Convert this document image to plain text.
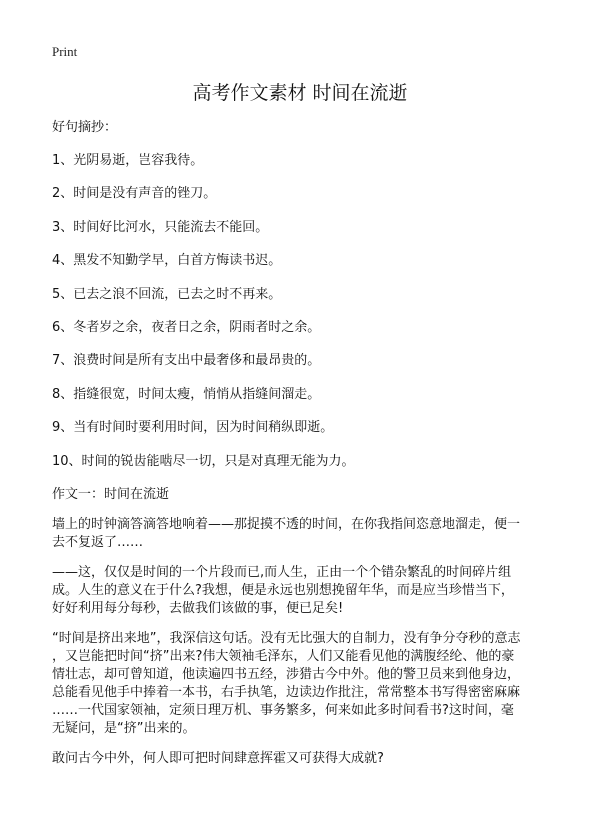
Print
高考作文素材 时间在流逝
好句摘抄：
1、光阴易逝，岂容我待。
2、时间是没有声音的锉刀。
3、时间好比河水，只能流去不能回。
4、黑发不知勤学早，白首方悔读书迟。
5、已去之浪不回流，已去之时不再来。
6、冬者岁之余，夜者日之余，阴雨者时之余。
7、浪费时间是所有支出中最奢侈和最昂贵的。
8、指缝很宽，时间太瘦，悄悄从指缝间溜走。
9、当有时间时要利用时间，因为时间稍纵即逝。
10、时间的锐齿能啮尽一切，只是对真理无能为力。
作文一：时间在流逝
墙上的时钟滴答滴答地响着——那捉摸不透的时间，在你我指间恣意地溜走，便一
去不复返了……
——这，仅仅是时间的一个片段而已,而人生，正由一个个错杂繁乱的时间碎片组
成。人生的意义在于什么?我想，便是永远也别想挽留年华，而是应当珍惜当下，
好好利用每分每秒，去做我们该做的事，便已足矣!
“时间是挤出来地”，我深信这句话。没有无比强大的自制力，没有争分夺秒的意志
，又岂能把时间“挤”出来?伟大领袖毛泽东，人们又能看见他的满腹经纶、他的豪
情壮志，却可曾知道，他读遍四书五经，涉猎古今中外。他的警卫员来到他身边，
总能看见他手中捧着一本书，右手执笔，边读边作批注，常常整本书写得密密麻麻
……一代国家领袖，定须日理万机、事务繁多，何来如此多时间看书?这时间，毫
无疑问，是“挤”出来的。
敢问古今中外，何人即可把时间肆意挥霍又可获得大成就?
